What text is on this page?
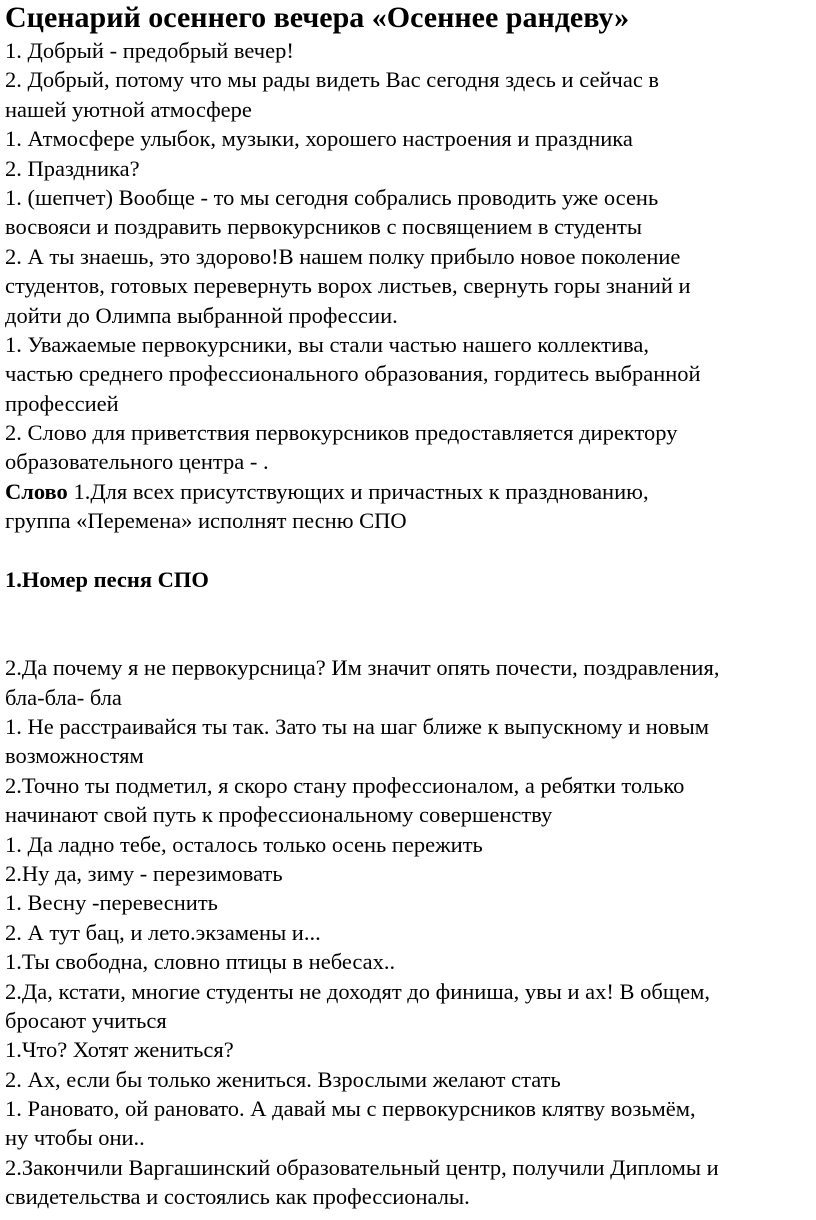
Сценарий осеннего вечера «Осеннее рандеву»
1. Добрый - предобрый вечер!
2. Добрый, потому что мы рады видеть Вас сегодня здесь и сейчас в
нашей уютной атмосфере
1. Атмосфере улыбок, музыки, хорошего настроения и праздника
2. Праздника?
1. (шепчет) Вообще - то мы сегодня собрались проводить уже осень
восвояси и поздравить первокурсников с посвящением в студенты
2. А ты знаешь, это здорово!В нашем полку прибыло новое поколение
студентов, готовых перевернуть ворох листьев, свернуть горы знаний и
дойти до Олимпа выбранной профессии.
1. Уважаемые первокурсники, вы стали частью нашего коллектива,
частью среднего профессионального образования, гордитесь выбранной
профессией
2. Слово для приветствия первокурсников предоставляется директору
образовательного центра - .
Слово 1.Для всех присутствующих и причастных к празднованию,
группа «Перемена» исполнят песню СПО
1.Номер песня СПО
2.Да почему я не первокурсница? Им значит опять почести, поздравления,
бла-бла- бла
1. Не расстраивайся ты так. Зато ты на шаг ближе к выпускному и новым
возможностям
2.Точно ты подметил, я скоро стану профессионалом, а ребятки только
начинают свой путь к профессиональному совершенству
1. Да ладно тебе, осталось только осень пережить
2.Ну да, зиму - перезимовать
1. Весну -перевеснить
2. А тут бац, и лето.экзамены и...
1.Ты свободна, словно птицы в небесах..
2.Да, кстати, многие студенты не доходят до финиша, увы и ах! В общем,
бросают учиться
1.Что? Хотят жениться?
2. Ах, если бы только жениться. Взрослыми желают стать
1. Рановато, ой рановато. А давай мы с первокурсников клятву возьмём,
ну чтобы они..
2.Закончили Варгашинский образовательный центр, получили Дипломы и
свидетельства и состоялись как профессионалы.
